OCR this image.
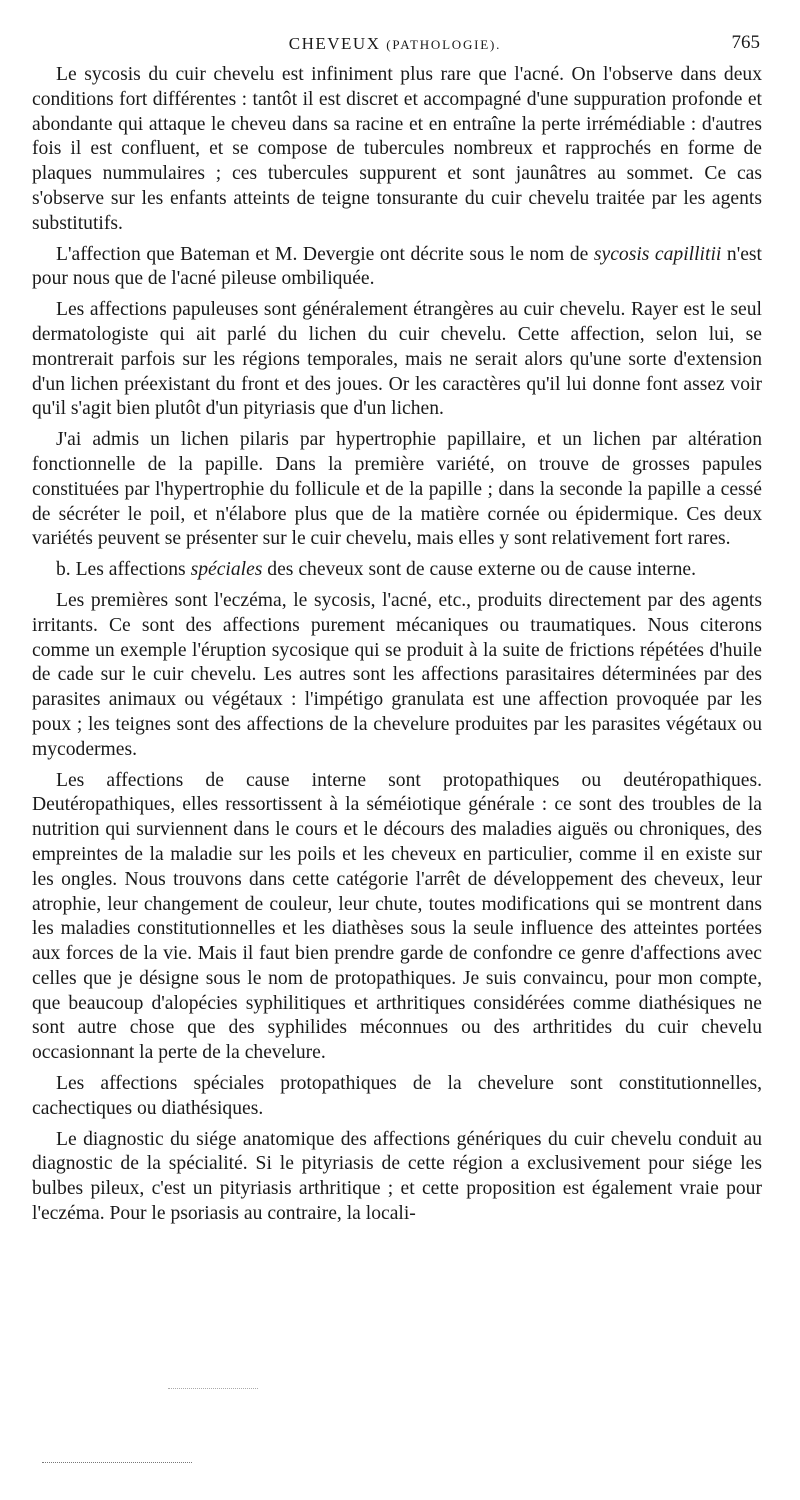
CHEVEUX (PATHOLOGIE).	765

Le sycosis du cuir chevelu est infiniment plus rare que l'acné. On l'observe dans deux conditions fort différentes : tantôt il est discret et accompagné d'une suppuration profonde et abondante qui attaque le cheveu dans sa racine et en entraîne la perte irrémédiable : d'autres fois il est confluent, et se compose de tubercules nombreux et rapprochés en forme de plaques nummulaires ; ces tubercules suppurent et sont jaunâtres au sommet. Ce cas s'observe sur les enfants atteints de teigne tonsurante du cuir chevelu traitée par les agents substitutifs.

L'affection que Bateman et M. Devergie ont décrite sous le nom de sycosis capillitii n'est pour nous que de l'acné pileuse ombiliquée.

Les affections papuleuses sont généralement étrangères au cuir chevelu. Rayer est le seul dermatologiste qui ait parlé du lichen du cuir chevelu. Cette affection, selon lui, se montrerait parfois sur les régions temporales, mais ne serait alors qu'une sorte d'extension d'un lichen préexistant du front et des joues. Or les caractères qu'il lui donne font assez voir qu'il s'agit bien plutôt d'un pityriasis que d'un lichen.

J'ai admis un lichen pilaris par hypertrophie papillaire, et un lichen par altération fonctionnelle de la papille. Dans la première variété, on trouve de grosses papules constituées par l'hypertrophie du follicule et de la papille ; dans la seconde la papille a cessé de sécréter le poil, et n'élabore plus que de la matière cornée ou épidermique. Ces deux variétés peuvent se présenter sur le cuir chevelu, mais elles y sont relativement fort rares.

b. Les affections spéciales des cheveux sont de cause externe ou de cause interne.

Les premières sont l'eczéma, le sycosis, l'acné, etc., produits directement par des agents irritants. Ce sont des affections purement mécaniques ou traumatiques. Nous citerons comme un exemple l'éruption sycosique qui se produit à la suite de frictions répétées d'huile de cade sur le cuir chevelu. Les autres sont les affections parasitaires déterminées par des parasites animaux ou végétaux : l'impétigo granulata est une affection provoquée par les poux ; les teignes sont des affections de la chevelure produites par les parasites végétaux ou mycodermes.

Les affections de cause interne sont protopathiques ou deutéropathiques. Deutéropathiques, elles ressortissent à la séméiotique générale : ce sont des troubles de la nutrition qui surviennent dans le cours et le décours des maladies aiguës ou chroniques, des empreintes de la maladie sur les poils et les cheveux en particulier, comme il en existe sur les ongles. Nous trouvons dans cette catégorie l'arrêt de développement des cheveux, leur atrophie, leur changement de couleur, leur chute, toutes modifications qui se montrent dans les maladies constitutionnelles et les diathèses sous la seule influence des atteintes portées aux forces de la vie. Mais il faut bien prendre garde de confondre ce genre d'affections avec celles que je désigne sous le nom de protopathiques. Je suis convaincu, pour mon compte, que beaucoup d'alopécies syphilitiques et arthritiques considérées comme diathésiques ne sont autre chose que des syphilides méconnues ou des arthritides du cuir chevelu occasionnant la perte de la chevelure.

Les affections spéciales protopathiques de la chevelure sont constitutionnelles, cachectiques ou diathésiques.

Le diagnostic du siége anatomique des affections génériques du cuir chevelu conduit au diagnostic de la spécialité. Si le pityriasis de cette région a exclusivement pour siége les bulbes pileux, c'est un pityriasis arthritique ; et cette proposition est également vraie pour l'eczéma. Pour le psoriasis au contraire, la locali-
